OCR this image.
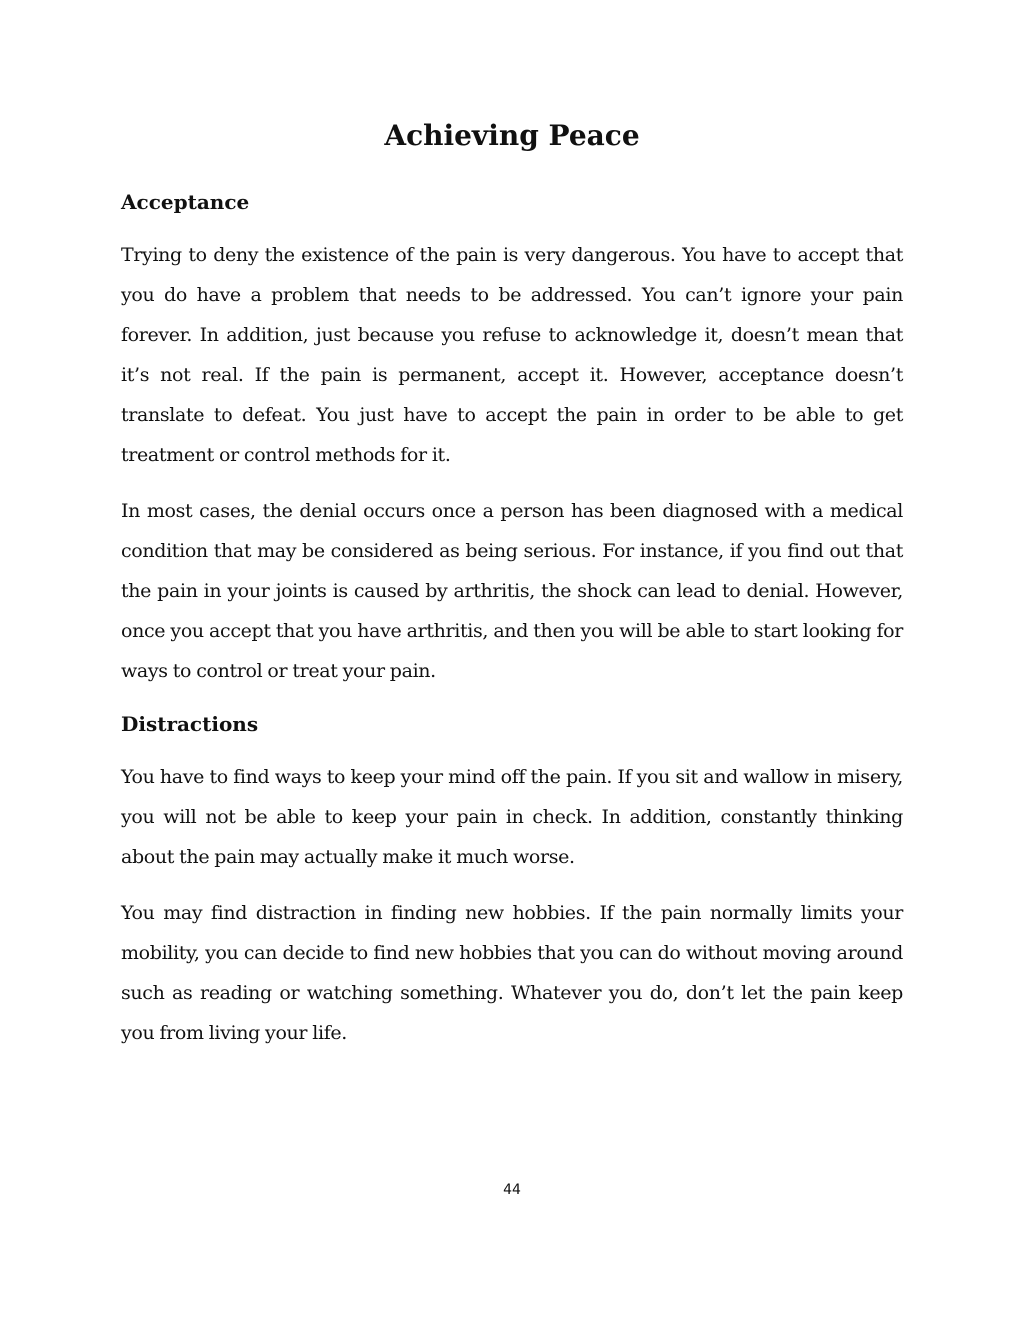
Achieving Peace
Acceptance

Trying to deny the existence of the pain is very dangerous. You have to accept that you do have a problem that needs to be addressed. You can’t ignore your pain forever. In addition, just because you refuse to acknowledge it, doesn’t mean that it’s not real. If the pain is permanent, accept it. However, acceptance doesn’t translate to defeat. You just have to accept the pain in order to be able to get treatment or control methods for it.

In most cases, the denial occurs once a person has been diagnosed with a medical condition that may be considered as being serious. For instance, if you find out that the pain in your joints is caused by arthritis, the shock can lead to denial. However, once you accept that you have arthritis, and then you will be able to start looking for ways to control or treat your pain.

Distractions

You have to find ways to keep your mind off the pain. If you sit and wallow in misery, you will not be able to keep your pain in check. In addition, constantly thinking about the pain may actually make it much worse.

You may find distraction in finding new hobbies. If the pain normally limits your mobility, you can decide to find new hobbies that you can do without moving around such as reading or watching something. Whatever you do, don’t let the pain keep you from living your life.

44
